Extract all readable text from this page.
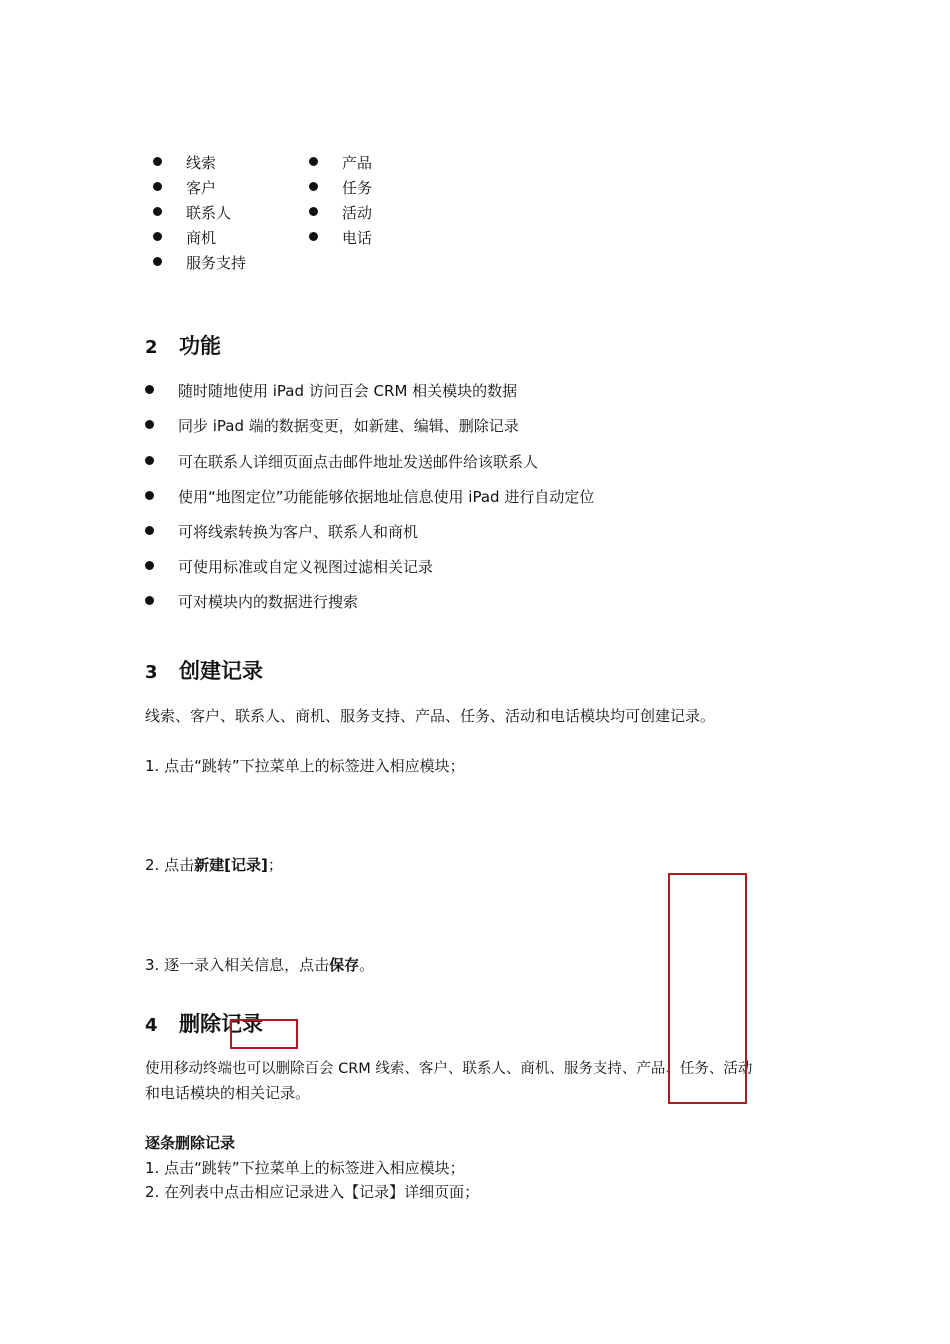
线索
客户
联系人
商机
服务支持
产品
任务
活动
电话
2 功能
随时随地使用 iPad 访问百会 CRM 相关模块的数据
同步 iPad 端的数据变更，如新建、编辑、删除记录
可在联系人详细页面点击邮件地址发送邮件给该联系人
使用“地图定位”功能能够依据地址信息使用 iPad 进行自动定位
可将线索转换为客户、联系人和商机
可使用标准或自定义视图过滤相关记录
可对模块内的数据进行搜索
3 创建记录
线索、客户、联系人、商机、服务支持、产品、任务、活动和电话模块均可创建记录。
1. 点击“跳转”下拉菜单上的标签进入相应模块；
2. 点击新建[记录]；
3. 逐一录入相关信息，点击保存。
4 删除记录
使用移动终端也可以删除百会 CRM 线索、客户、联系人、商机、服务支持、产品、任务、活动
和电话模块的相关记录。
逐条删除记录
1. 点击“跳转”下拉菜单上的标签进入相应模块；
2. 在列表中点击相应记录进入【记录】详细页面；
